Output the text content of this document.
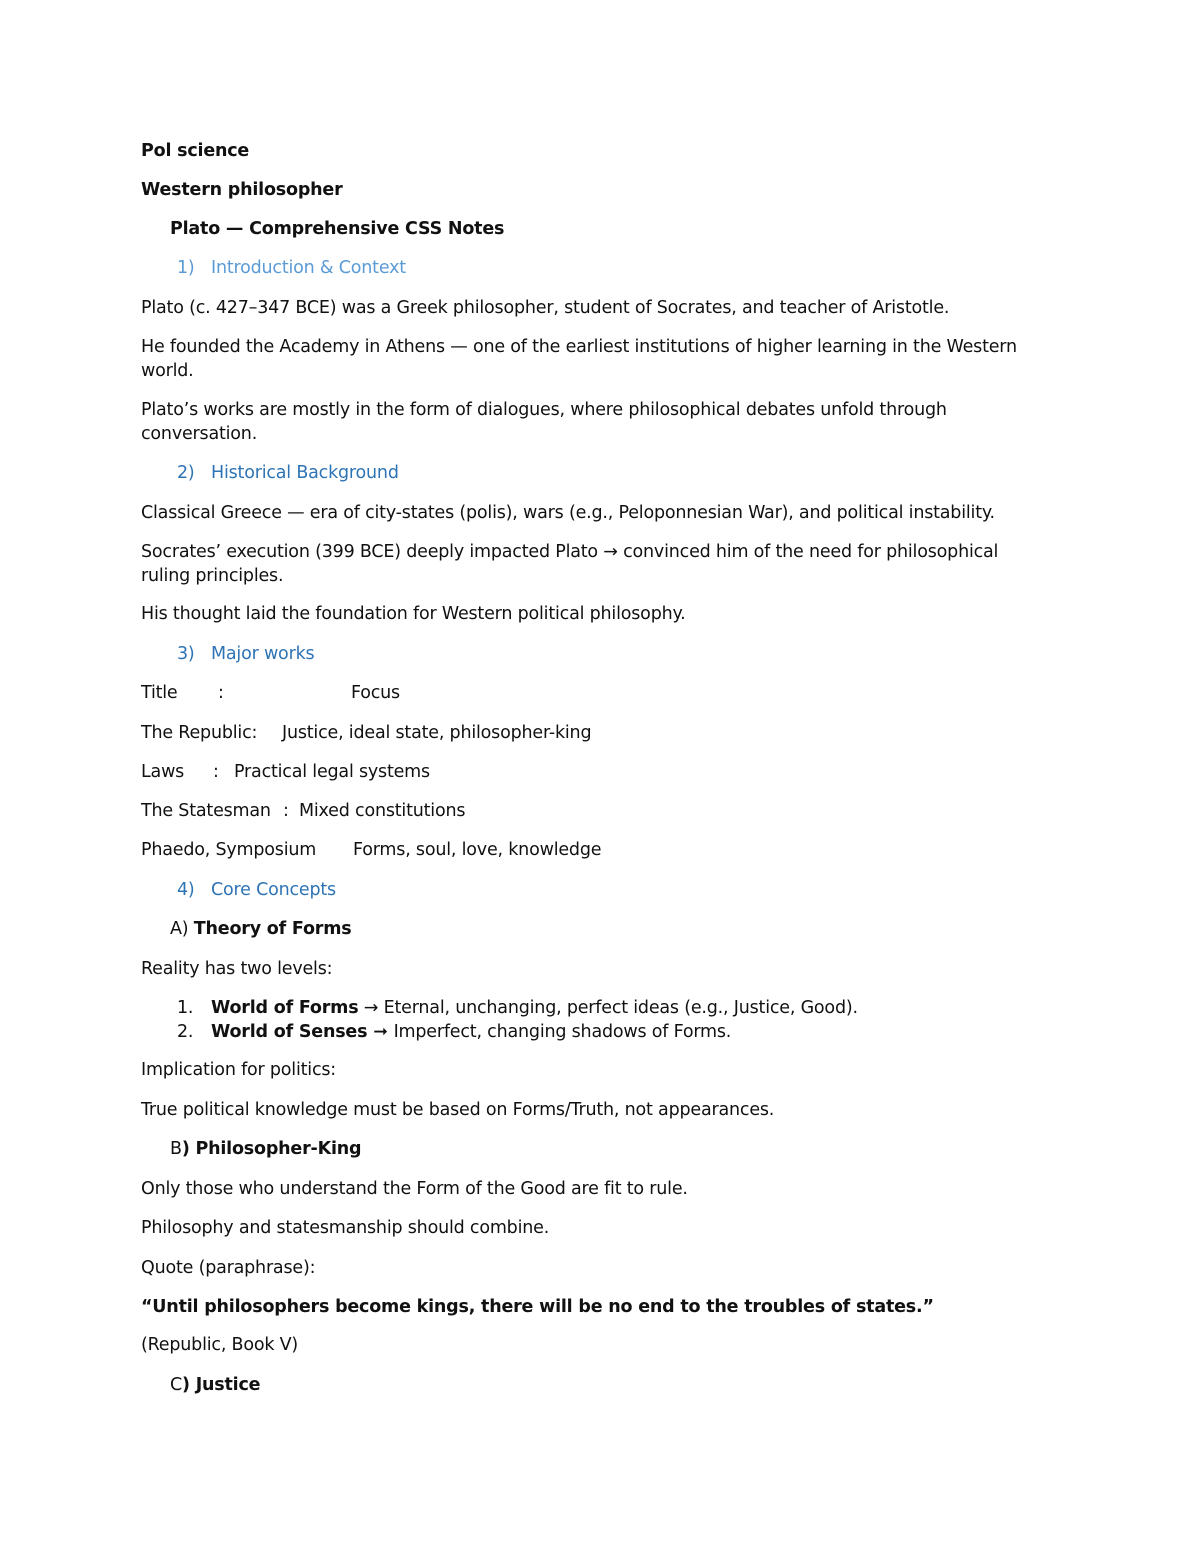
Pol science
Western philosopher
Plato — Comprehensive CSS Notes
1) Introduction & Context
Plato (c. 427–347 BCE) was a Greek philosopher, student of Socrates, and teacher of Aristotle.
He founded the Academy in Athens — one of the earliest institutions of higher learning in the Western
world.
Plato’s works are mostly in the form of dialogues, where philosophical debates unfold through
conversation.
2) Historical Background
Classical Greece — era of city-states (polis), wars (e.g., Peloponnesian War), and political instability.
Socrates’ execution (399 BCE) deeply impacted Plato → convinced him of the need for philosophical
ruling principles.
His thought laid the foundation for Western political philosophy.
3) Major works
Title :	Focus
The Republic: Justice, ideal state, philosopher-king
Laws : Practical legal systems
The Statesman : Mixed constitutions
Phaedo, Symposium Forms, soul, love, knowledge
4) Core Concepts
A) Theory of Forms
Reality has two levels:
1. World of Forms → Eternal, unchanging, perfect ideas (e.g., Justice, Good).
2. World of Senses ➞ Imperfect, changing shadows of Forms.
Implication for politics:
True political knowledge must be based on Forms/Truth, not appearances.
B) Philosopher-King
Only those who understand the Form of the Good are fit to rule.
Philosophy and statesmanship should combine.
Quote (paraphrase):
“Until philosophers become kings, there will be no end to the troubles of states.”
(Republic, Book V)
C) Justice
